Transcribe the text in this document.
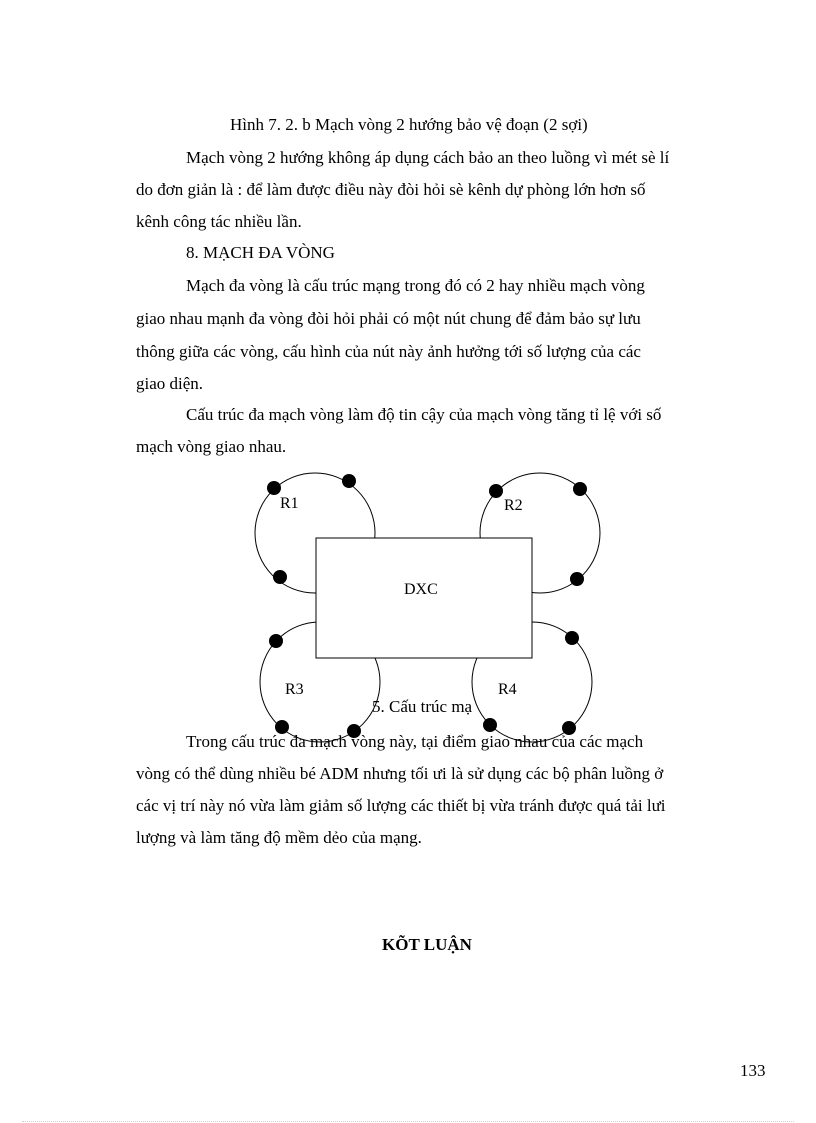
Hình 7. 2. b Mạch vòng 2 hướng bảo vệ đoạn (2 sợi)
Mạch vòng 2 hướng không áp dụng cách bảo an theo luồng vì mét sè lí
do đơn giản là : để làm được điều này đòi hỏi sè kênh dự phòng lớn hơn số
kênh công tác nhiều lần.
8. MẠCH ĐA VÒNG
Mạch đa vòng là cấu trúc mạng trong đó có 2 hay nhiều mạch vòng
giao nhau mạnh đa vòng đòi hỏi phải có một nút chung để đảm bảo sự lưu
thông giữa các vòng, cấu hình của nút này ảnh hưởng tới số lượng của các
giao diện.
Cấu trúc đa mạch vòng làm độ tin cậy của mạch vòng tăng tỉ lệ với số
mạch vòng giao nhau.
5. Cấu trúc mạ
DXC
R1	R2
R3	R4
Trong cấu trúc đa mạch vòng này, tại điểm giao nhau của các mạch
vòng có thể dùng nhiều bé ADM nhưng tối ưi là sử dụng các bộ phân luồng ở
các vị trí này nó vừa làm giảm số lượng các thiết bị vừa tránh được quá tải lưi
lượng và làm tăng độ mềm dẻo của mạng.
KÕT LUẬN
133
